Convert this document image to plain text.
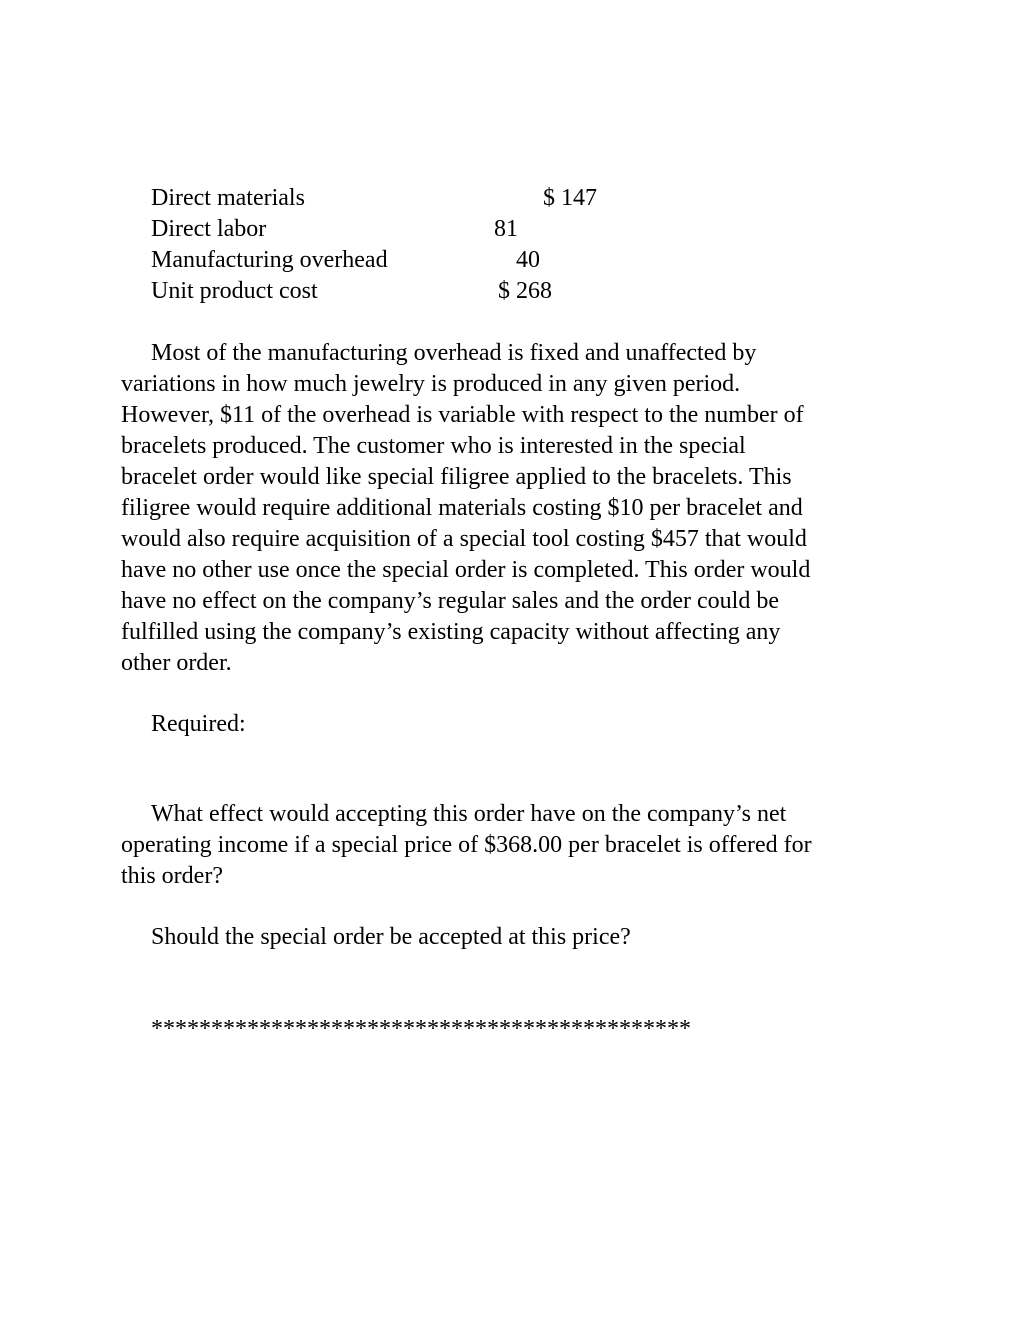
Direct materials	$ 147
Direct labor	81
Manufacturing overhead	40
Unit product cost	$ 268
Most of the manufacturing overhead is fixed and unaffected by
variations in how much jewelry is produced in any given period.
However, $11 of the overhead is variable with respect to the number of
bracelets produced. The customer who is interested in the special
bracelet order would like special filigree applied to the bracelets. This
filigree would require additional materials costing $10 per bracelet and
would also require acquisition of a special tool costing $457 that would
have no other use once the special order is completed. This order would
have no effect on the company’s regular sales and the order could be
fulfilled using the company’s existing capacity without affecting any
other order.
Required:
What effect would accepting this order have on the company’s net
operating income if a special price of $368.00 per bracelet is offered for
this order?
Should the special order be accepted at this price?
*********************************************
